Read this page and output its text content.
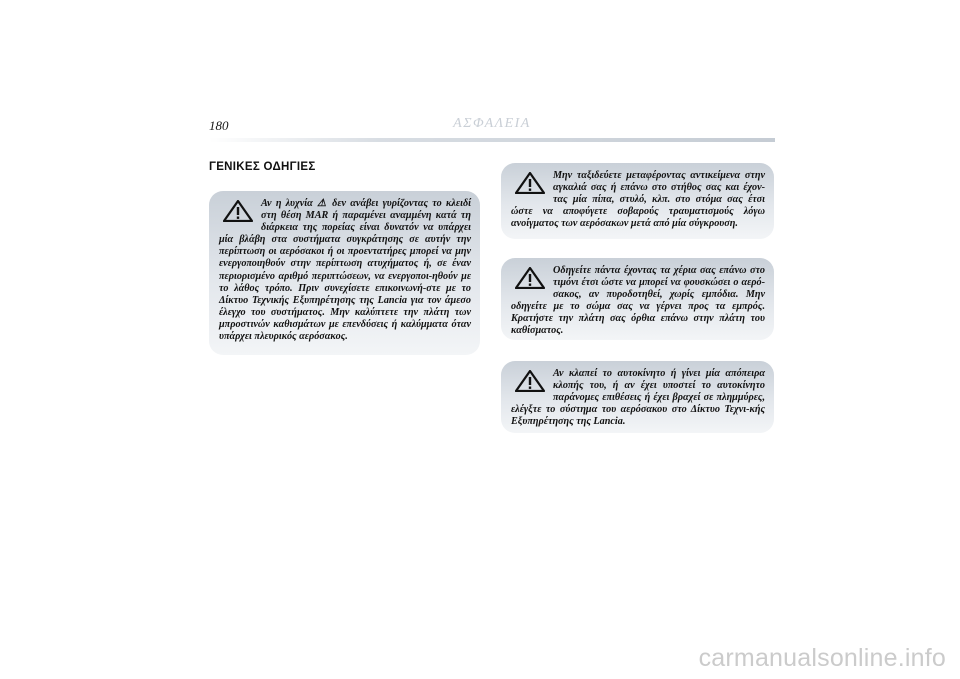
180	ΑΣΦΑΛΕΙΑ
ΓΕΝΙΚΕΣ ΟΔΗΓΙΕΣ

Αν η λυχνία ⚠ δεν ανάβει γυρίζοντας το κλειδί στη θέση MAR ή παραμένει αναμμένη κατά τη διάρκεια της πορείας είναι δυνατόν να υπάρχει μία βλάβη στα συστήματα συγκράτησης σε αυτήν την περίπτωση οι αερόσακοι ή οι προεντατήρες μπορεί να μην ενεργοποιηθούν στην περίπτωση ατυχήματος ή, σε έναν περιορισμένο αριθμό περιπτώσεων, να ενεργοποι-ηθούν με το λάθος τρόπο. Πριν συνεχίσετε επικοινωνή-στε με το Δίκτυο Τεχνικής Εξυπηρέτησης της Lancia για τον άμεσο έλεγχο του συστήματος. Μην καλύπτετε την πλάτη των μπροστινών καθισμάτων με επενδύσεις ή καλύμματα όταν υπάρχει πλευρικός αερόσακος.

Μην ταξιδεύετε μεταφέροντας αντικείμενα στην αγκαλιά σας ή επάνω στο στήθος σας και έχον-τας μία πίπα, στυλό, κλπ. στο στόμα σας έτσι ώστε να αποφύγετε σοβαρούς τραυματισμούς λόγω ανοίγματος των αερόσακων μετά από μία σύγκρουση.

Οδηγείτε πάντα έχοντας τα χέρια σας επάνω στο τιμόνι έτσι ώστε να μπορεί να φουσκώσει ο αερό-σακος, αν πυροδοτηθεί, χωρίς εμπόδια. Μην οδηγείτε με το σώμα σας να γέρνει προς τα εμπρός. Κρατήστε την πλάτη σας όρθια επάνω στην πλάτη του καθίσματος.

Αν κλαπεί το αυτοκίνητο ή γίνει μία απόπειρα κλοπής του, ή αν έχει υποστεί το αυτοκίνητο παράνομες επιθέσεις ή έχει βραχεί σε πλημμύρες, ελέγξτε το σύστημα του αερόσακου στο Δίκτυο Τεχνι-κής Εξυπηρέτησης της Lancia.

carmanualsonline.info
